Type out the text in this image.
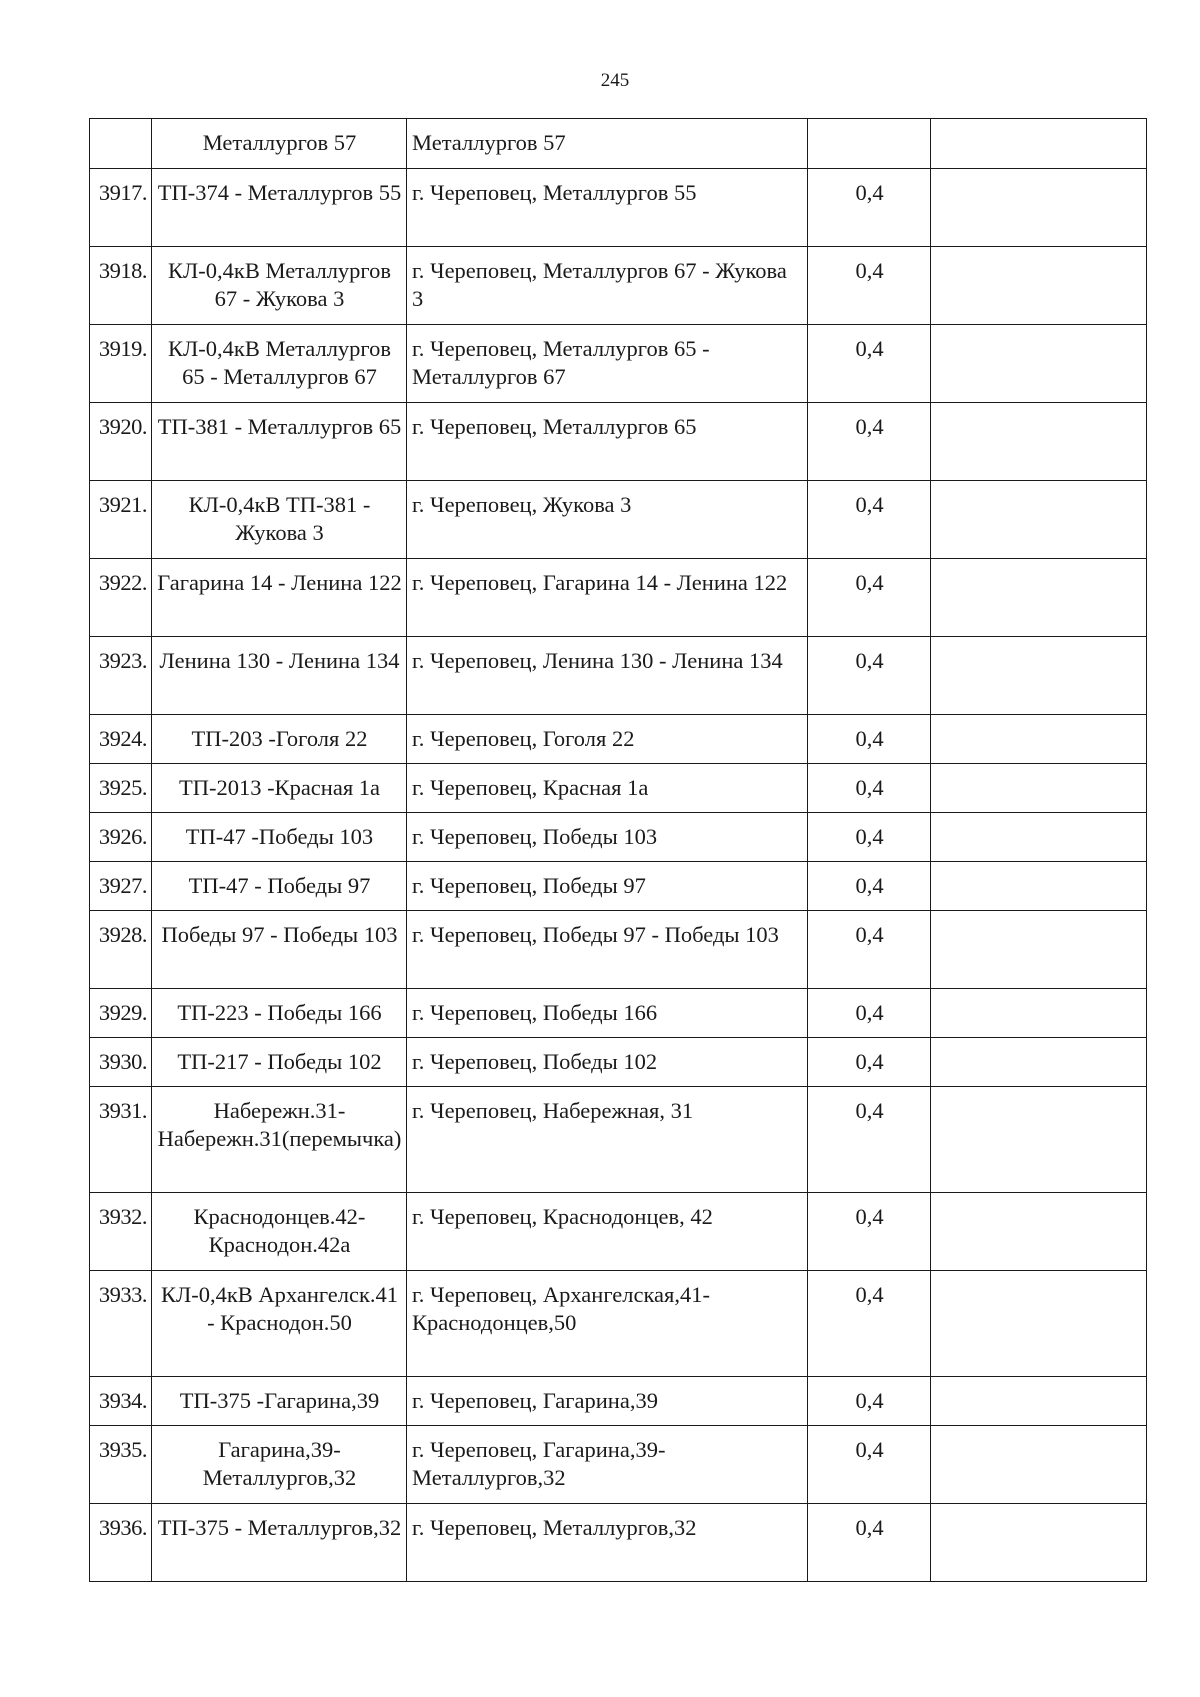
245
	Металлургов 57	Металлургов 57		
3917.	ТП-374 - Металлургов 55	г. Череповец, Металлургов 55	0,4	
3918.	КЛ-0,4кВ Металлургов 67 - Жукова 3	г. Череповец, Металлургов 67 - Жукова 3	0,4	
3919.	КЛ-0,4кВ Металлургов 65 - Металлургов 67	г. Череповец, Металлургов 65 - Металлургов 67	0,4	
3920.	ТП-381 - Металлургов 65	г. Череповец, Металлургов 65	0,4	
3921.	КЛ-0,4кВ ТП-381 - Жукова 3	г. Череповец, Жукова 3	0,4	
3922.	Гагарина 14 - Ленина 122	г. Череповец, Гагарина 14 - Ленина 122	0,4	
3923.	Ленина 130 - Ленина 134	г. Череповец, Ленина 130 - Ленина 134	0,4	
3924.	ТП-203 -Гоголя 22	г. Череповец, Гоголя 22	0,4	
3925.	ТП-2013 -Красная 1а	г. Череповец, Красная 1а	0,4	
3926.	ТП-47 -Победы 103	г. Череповец, Победы 103	0,4	
3927.	ТП-47 - Победы 97	г. Череповец, Победы 97	0,4	
3928.	Победы 97 - Победы 103	г. Череповец, Победы 97 - Победы 103	0,4	
3929.	ТП-223 - Победы 166	г. Череповец, Победы 166	0,4	
3930.	ТП-217 - Победы 102	г. Череповец, Победы 102	0,4	
3931.	Набережн.31-Набережн.31(перемычка)	г. Череповец, Набережная, 31	0,4	
3932.	Краснодонцев.42-Краснодон.42а	г. Череповец, Краснодонцев, 42	0,4	
3933.	КЛ-0,4кВ Архангелск.41 - Краснодон.50	г. Череповец, Архангелская,41-Краснодонцев,50	0,4	
3934.	ТП-375 -Гагарина,39	г. Череповец, Гагарина,39	0,4	
3935.	Гагарина,39-Металлургов,32	г. Череповец, Гагарина,39-Металлургов,32	0,4	
3936.	ТП-375 - Металлургов,32	г. Череповец, Металлургов,32	0,4	
